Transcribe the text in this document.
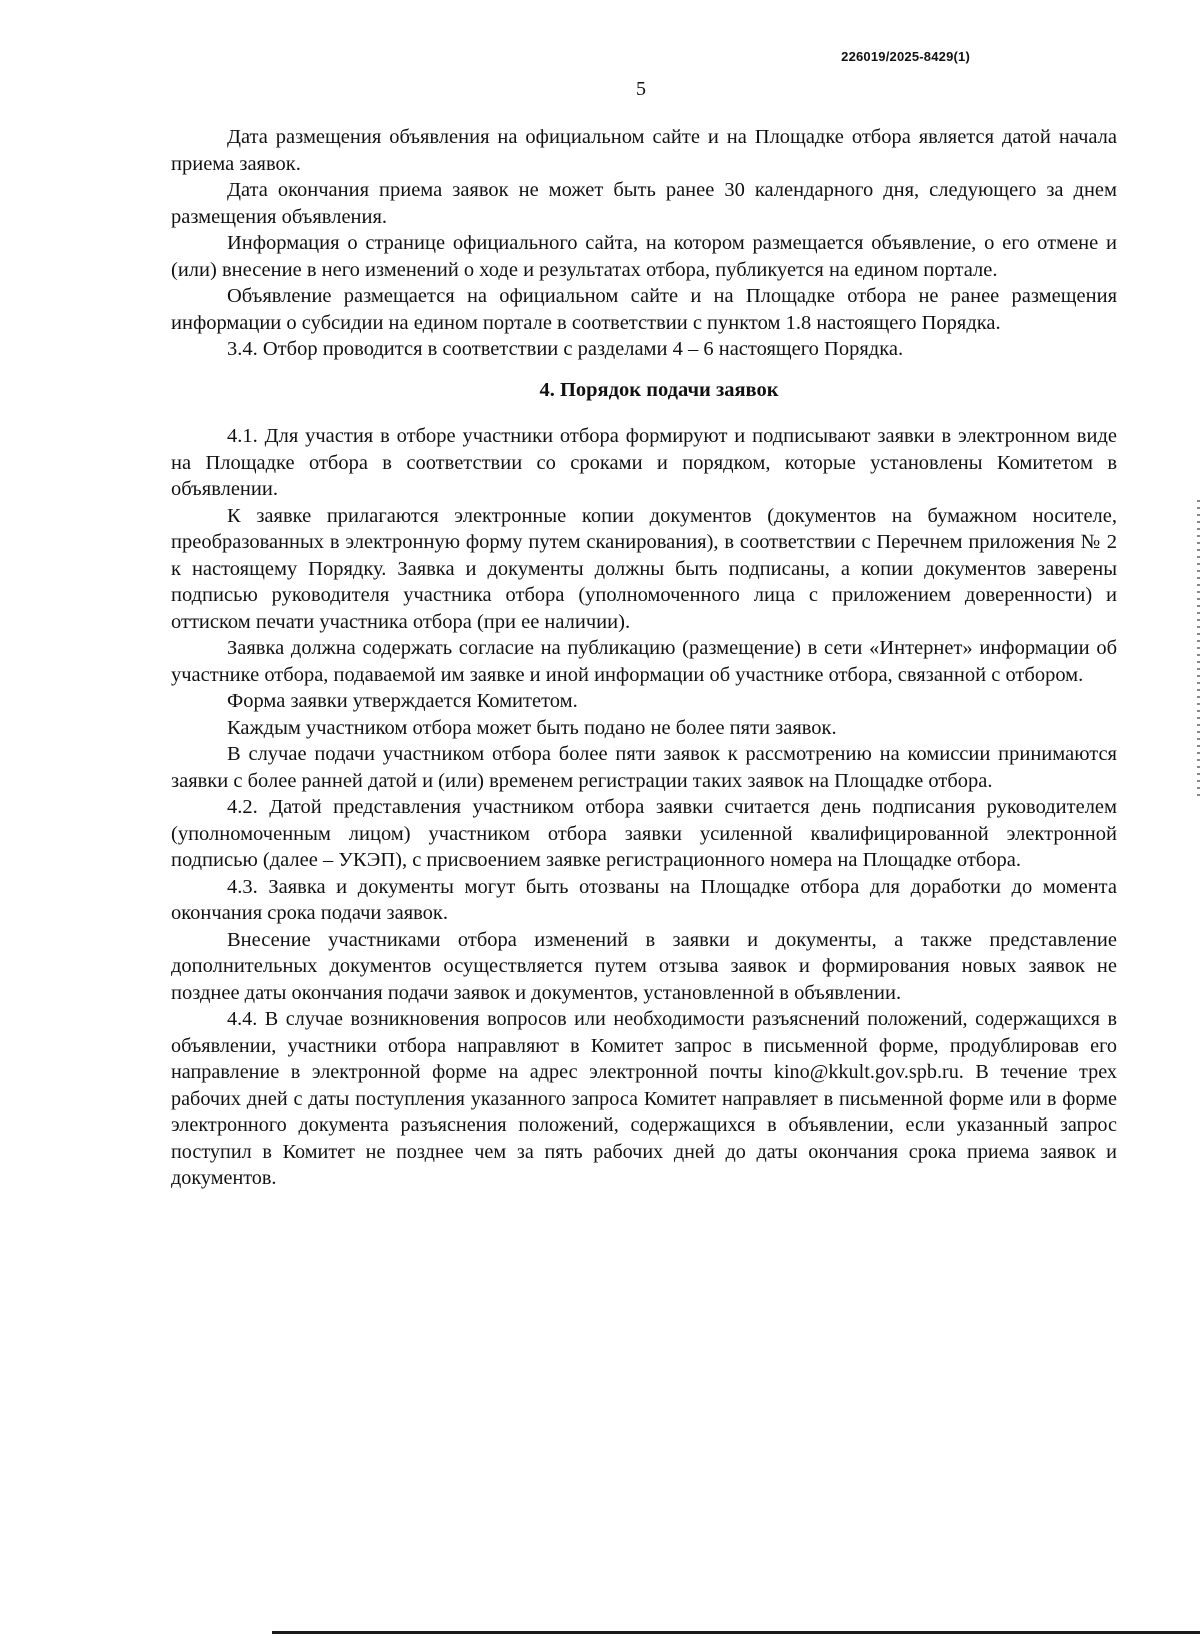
226019/2025-8429(1)
5

Дата размещения объявления на официальном сайте и на Площадке отбора является датой начала приема заявок.

Дата окончания приема заявок не может быть ранее 30 календарного дня, следующего за днем размещения объявления.

Информация о странице официального сайта, на котором размещается объявление, о его отмене и (или) внесение в него изменений о ходе и результатах отбора, публикуется на едином портале.

Объявление размещается на официальном сайте и на Площадке отбора не ранее размещения информации о субсидии на едином портале в соответствии с пунктом 1.8 настоящего Порядка.

3.4. Отбор проводится в соответствии с разделами 4 – 6 настоящего Порядка.

4. Порядок подачи заявок

4.1. Для участия в отборе участники отбора формируют и подписывают заявки в электронном виде на Площадке отбора в соответствии со сроками и порядком, которые установлены Комитетом в объявлении.

К заявке прилагаются электронные копии документов (документов на бумажном носителе, преобразованных в электронную форму путем сканирования), в соответствии с Перечнем приложения № 2 к настоящему Порядку. Заявка и документы должны быть подписаны, а копии документов заверены подписью руководителя участника отбора (уполномоченного лица с приложением доверенности) и оттиском печати участника отбора (при ее наличии).

Заявка должна содержать согласие на публикацию (размещение) в сети «Интернет» информации об участнике отбора, подаваемой им заявке и иной информации об участнике отбора, связанной с отбором.

Форма заявки утверждается Комитетом.

Каждым участником отбора может быть подано не более пяти заявок.

В случае подачи участником отбора более пяти заявок к рассмотрению на комиссии принимаются заявки с более ранней датой и (или) временем регистрации таких заявок на Площадке отбора.

4.2. Датой представления участником отбора заявки считается день подписания руководителем (уполномоченным лицом) участником отбора заявки усиленной квалифицированной электронной подписью (далее – УКЭП), с присвоением заявке регистрационного номера на Площадке отбора.

4.3. Заявка и документы могут быть отозваны на Площадке отбора для доработки до момента окончания срока подачи заявок.

Внесение участниками отбора изменений в заявки и документы, а также представление дополнительных документов осуществляется путем отзыва заявок и формирования новых заявок не позднее даты окончания подачи заявок и документов, установленной в объявлении.

4.4. В случае возникновения вопросов или необходимости разъяснений положений, содержащихся в объявлении, участники отбора направляют в Комитет запрос в письменной форме, продублировав его направление в электронной форме на адрес электронной почты kino@kkult.gov.spb.ru. В течение трех рабочих дней с даты поступления указанного запроса Комитет направляет в письменной форме или в форме электронного документа разъяснения положений, содержащихся в объявлении, если указанный запрос поступил в Комитет не позднее чем за пять рабочих дней до даты окончания срока приема заявок и документов.
